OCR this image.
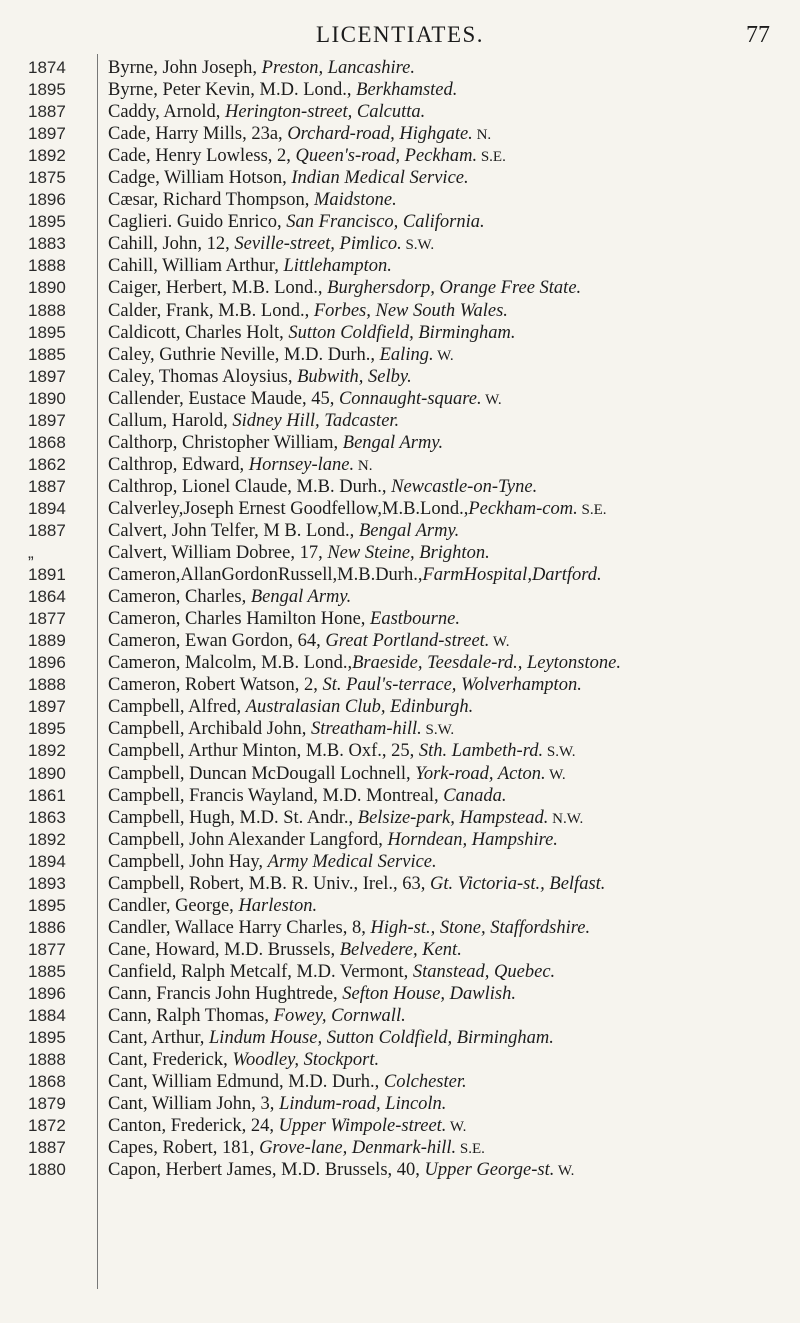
LICENTIATES.	77
1874	Byrne, John Joseph, Preston, Lancashire.
1895	Byrne, Peter Kevin, M.D. Lond., Berkhamsted.
1887	Caddy, Arnold, Herington-street, Calcutta.
1897	Cade, Harry Mills, 23a, Orchard-road, Highgate. N.
1892	Cade, Henry Lowless, 2, Queen's-road, Peckham. S.E.
1875	Cadge, William Hotson, Indian Medical Service.
1896	Cæsar, Richard Thompson, Maidstone.
1895	Caglieri. Guido Enrico, San Francisco, California.
1883	Cahill, John, 12, Seville-street, Pimlico. S.W.
1888	Cahill, William Arthur, Littlehampton.
1890	Caiger, Herbert, M.B. Lond., Burghersdorp, Orange Free State.
1888	Calder, Frank, M.B. Lond., Forbes, New South Wales.
1895	Caldicott, Charles Holt, Sutton Coldfield, Birmingham.
1885	Caley, Guthrie Neville, M.D. Durh., Ealing. W.
1897	Caley, Thomas Aloysius, Bubwith, Selby.
1890	Callender, Eustace Maude, 45, Connaught-square. W.
1897	Callum, Harold, Sidney Hill, Tadcaster.
1868	Calthorp, Christopher William, Bengal Army.
1862	Calthrop, Edward, Hornsey-lane. N.
1887	Calthrop, Lionel Claude, M.B. Durh., Newcastle-on-Tyne.
1894	Calverley,Joseph Ernest Goodfellow,M.B.Lond.,Peckham-com. S.E.
1887	Calvert, John Telfer, M B. Lond., Bengal Army.
„	Calvert, William Dobree, 17, New Steine, Brighton.
1891	Cameron,AllanGordonRussell,M.B.Durh.,FarmHospital,Dartford.
1864	Cameron, Charles, Bengal Army.
1877	Cameron, Charles Hamilton Hone, Eastbourne.
1889	Cameron, Ewan Gordon, 64, Great Portland-street. W.
1896	Cameron, Malcolm, M.B. Lond.,Braeside, Teesdale-rd., Leytonstone.
1888	Cameron, Robert Watson, 2, St. Paul's-terrace, Wolverhampton.
1897	Campbell, Alfred, Australasian Club, Edinburgh.
1895	Campbell, Archibald John, Streatham-hill. S.W.
1892	Campbell, Arthur Minton, M.B. Oxf., 25, Sth. Lambeth-rd. S.W.
1890	Campbell, Duncan McDougall Lochnell, York-road, Acton. W.
1861	Campbell, Francis Wayland, M.D. Montreal, Canada.
1863	Campbell, Hugh, M.D. St. Andr., Belsize-park, Hampstead. N.W.
1892	Campbell, John Alexander Langford, Horndean, Hampshire.
1894	Campbell, John Hay, Army Medical Service.
1893	Campbell, Robert, M.B. R. Univ., Irel., 63, Gt. Victoria-st., Belfast.
1895	Candler, George, Harleston.
1886	Candler, Wallace Harry Charles, 8, High-st., Stone, Staffordshire.
1877	Cane, Howard, M.D. Brussels, Belvedere, Kent.
1885	Canfield, Ralph Metcalf, M.D. Vermont, Stanstead, Quebec.
1896	Cann, Francis John Hughtrede, Sefton House, Dawlish.
1884	Cann, Ralph Thomas, Fowey, Cornwall.
1895	Cant, Arthur, Lindum House, Sutton Coldfield, Birmingham.
1888	Cant, Frederick, Woodley, Stockport.
1868	Cant, William Edmund, M.D. Durh., Colchester.
1879	Cant, William John, 3, Lindum-road, Lincoln.
1872	Canton, Frederick, 24, Upper Wimpole-street. W.
1887	Capes, Robert, 181, Grove-lane, Denmark-hill. S.E.
1880	Capon, Herbert James, M.D. Brussels, 40, Upper George-st. W.
